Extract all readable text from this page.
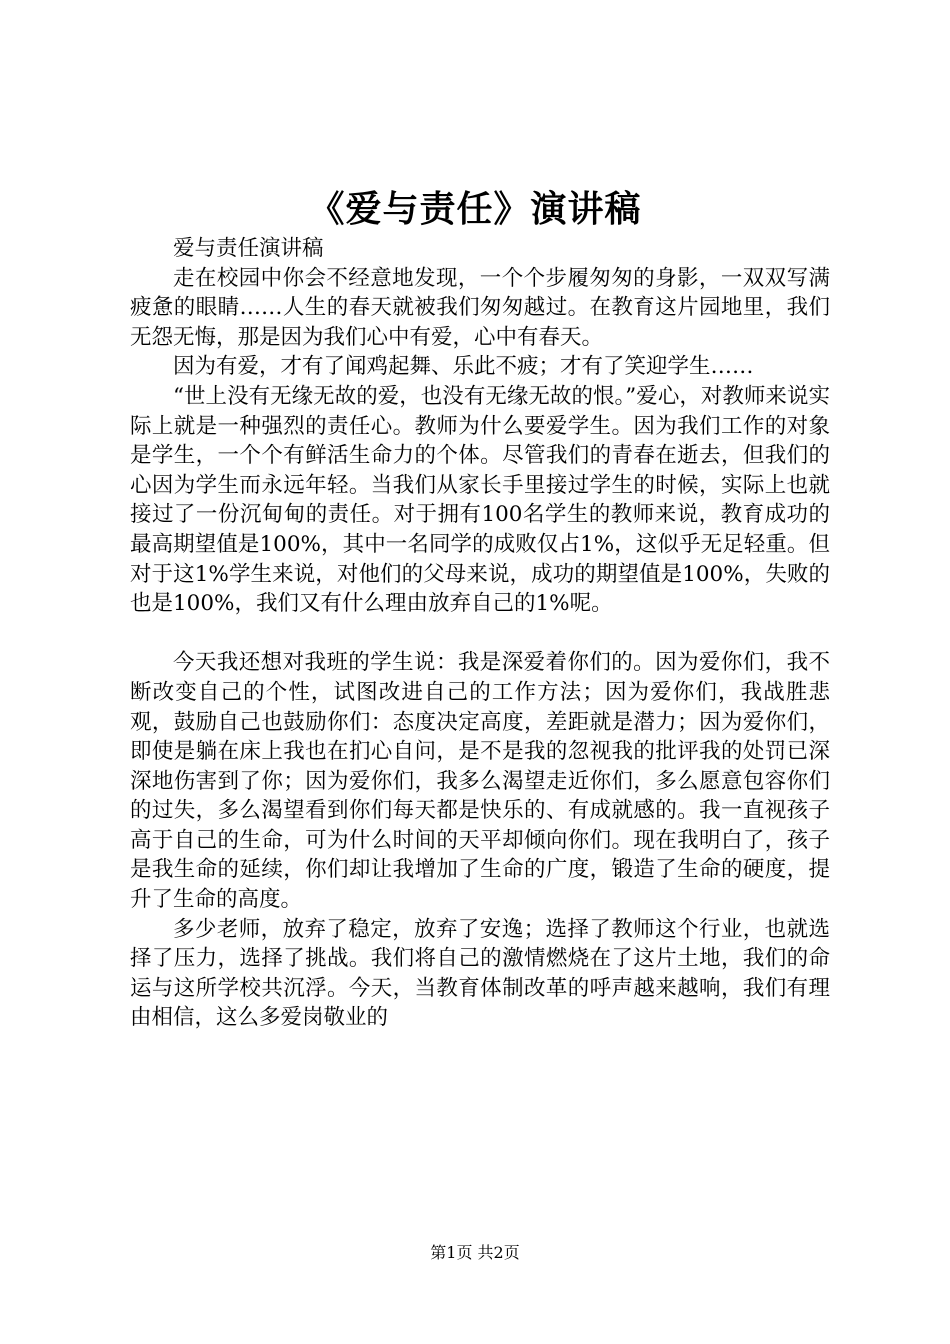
《爱与责任》演讲稿

爱与责任演讲稿

走在校园中你会不经意地发现，一个个步履匆匆的身影，一双双写满疲惫的眼睛……人生的春天就被我们匆匆越过。在教育这片园地里，我们无怨无悔，那是因为我们心中有爱，心中有春天。

因为有爱，才有了闻鸡起舞、乐此不疲；才有了笑迎学生……

“世上没有无缘无故的爱，也没有无缘无故的恨。”爱心，对教师来说实际上就是一种强烈的责任心。教师为什么要爱学生。因为我们工作的对象是学生，一个个有鲜活生命力的个体。尽管我们的青春在逝去，但我们的心因为学生而永远年轻。当我们从家长手里接过学生的时候，实际上也就接过了一份沉甸甸的责任。对于拥有100名学生的教师来说，教育成功的最高期望值是100%，其中一名同学的成败仅占1%，这似乎无足轻重。但对于这1%学生来说，对他们的父母来说，成功的期望值是100%，失败的也是100%，我们又有什么理由放弃自己的1%呢。

今天我还想对我班的学生说：我是深爱着你们的。因为爱你们，我不断改变自己的个性，试图改进自己的工作方法；因为爱你们，我战胜悲观，鼓励自己也鼓励你们：态度决定高度，差距就是潜力；因为爱你们，即使是躺在床上我也在扪心自问，是不是我的忽视我的批评我的处罚已深深地伤害到了你；因为爱你们，我多么渴望走近你们，多么愿意包容你们的过失，多么渴望看到你们每天都是快乐的、有成就感的。我一直视孩子高于自己的生命，可为什么时间的天平却倾向你们。现在我明白了，孩子是我生命的延续，你们却让我增加了生命的广度，锻造了生命的硬度，提升了生命的高度。

多少老师，放弃了稳定，放弃了安逸；选择了教师这个行业，也就选择了压力，选择了挑战。我们将自己的激情燃烧在了这片土地，我们的命运与这所学校共沉浮。今天，当教育体制改革的呼声越来越响，我们有理由相信，这么多爱岗敬业的

第1页 共2页
